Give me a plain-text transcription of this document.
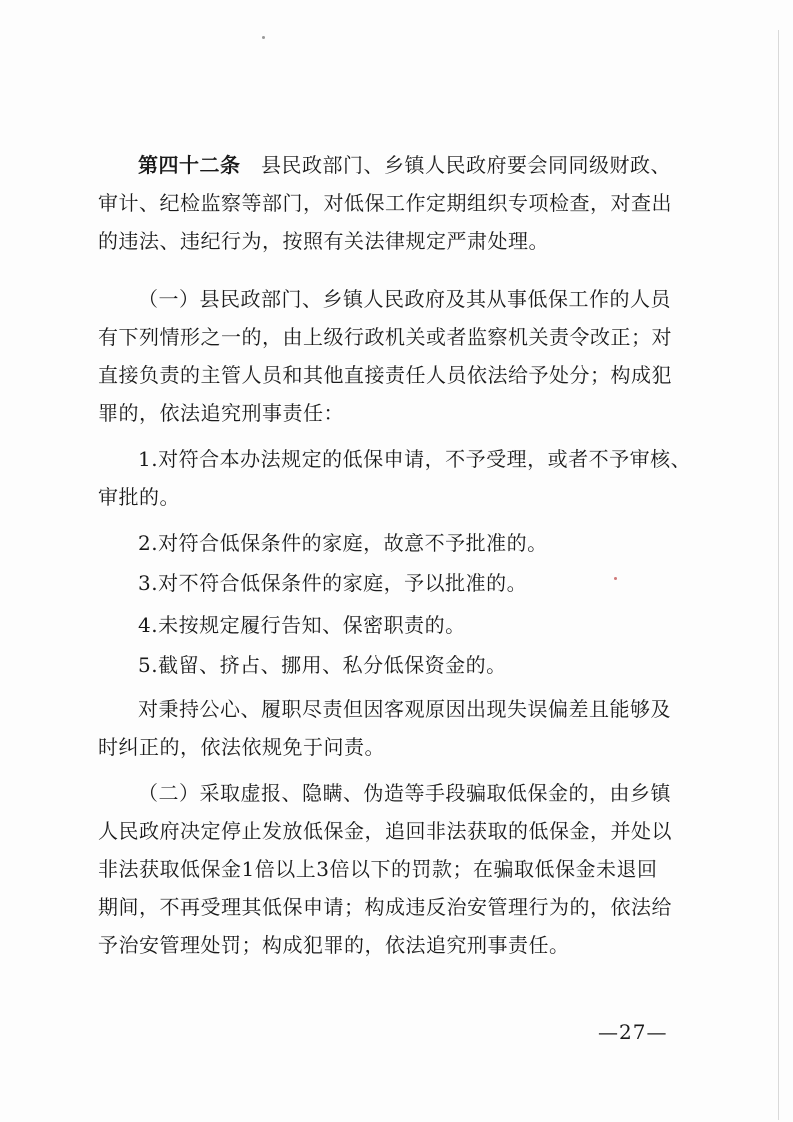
第四十二条  县民政部门、乡镇人民政府要会同同级财政、
审计、纪检监察等部门，对低保工作定期组织专项检查，对查出
的违法、违纪行为，按照有关法律规定严肃处理。
（一）县民政部门、乡镇人民政府及其从事低保工作的人员
有下列情形之一的，由上级行政机关或者监察机关责令改正；对
直接负责的主管人员和其他直接责任人员依法给予处分；构成犯
罪的，依法追究刑事责任：
1.对符合本办法规定的低保申请，不予受理，或者不予审核、
审批的。
2.对符合低保条件的家庭，故意不予批准的。
3.对不符合低保条件的家庭，予以批准的。
4.未按规定履行告知、保密职责的。
5.截留、挤占、挪用、私分低保资金的。
对秉持公心、履职尽责但因客观原因出现失误偏差且能够及
时纠正的，依法依规免于问责。
（二）采取虚报、隐瞒、伪造等手段骗取低保金的，由乡镇
人民政府决定停止发放低保金，追回非法获取的低保金，并处以
非法获取低保金1倍以上3倍以下的罚款；在骗取低保金未退回
期间，不再受理其低保申请；构成违反治安管理行为的，依法给
予治安管理处罚；构成犯罪的，依法追究刑事责任。
—27—
